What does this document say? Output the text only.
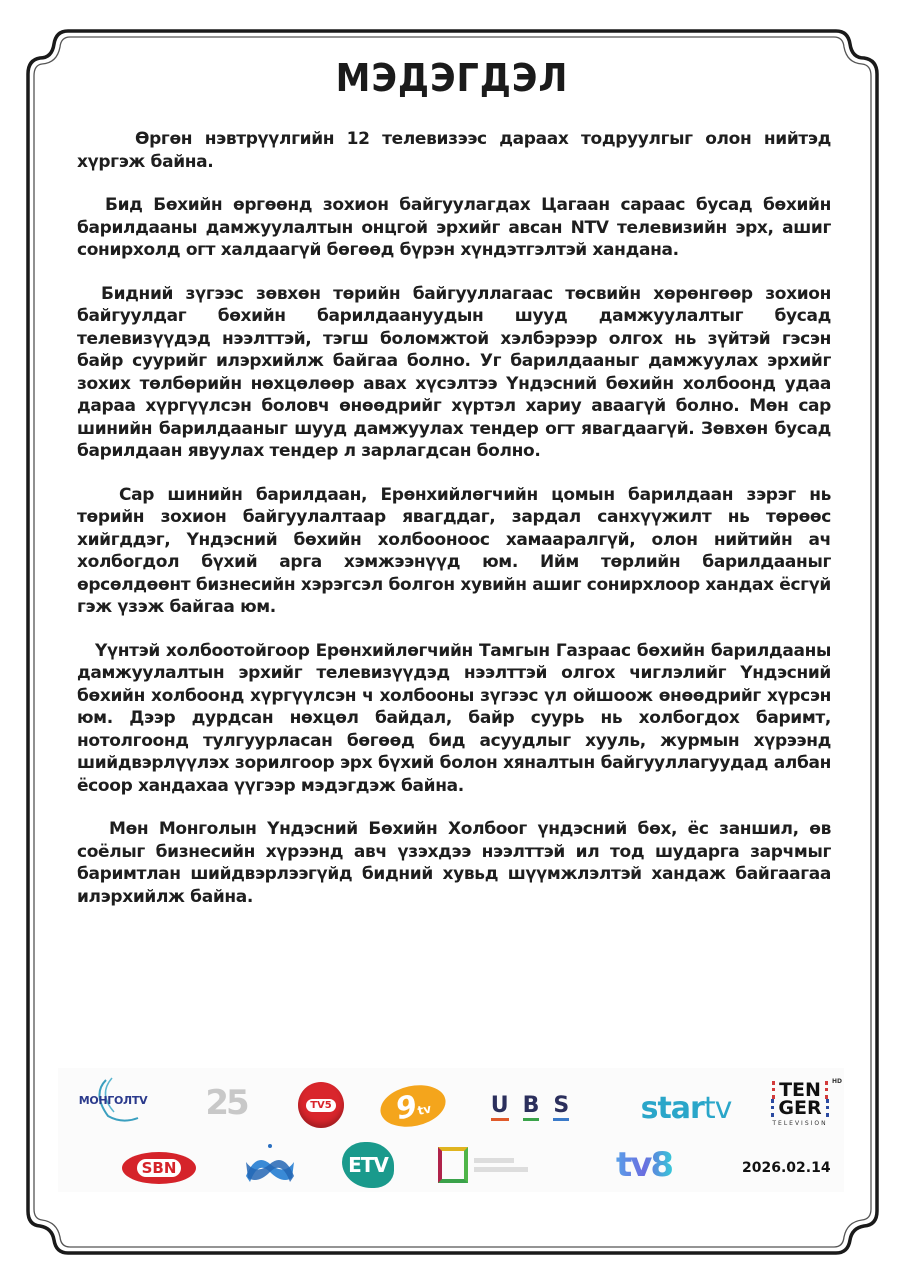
МЭДЭГДЭЛ

Өргөн нэвтрүүлгийн 12 телевизээс дараах тодруулгыг олон нийтэд хүргэж байна.

Бид Бөхийн өргөөнд зохион байгуулагдах Цагаан сараас бусад бөхийн барилдааны дамжуулалтын онцгой эрхийг авсан NTV телевизийн эрх, ашиг сонирхолд огт халдаагүй бөгөөд бүрэн хүндэтгэлтэй хандана.

Бидний зүгээс зөвхөн төрийн байгууллагаас төсвийн хөрөнгөөр зохион байгуулдаг бөхийн барилдаануудын шууд дамжуулалтыг бусад телевизүүдэд нээлттэй, тэгш боломжтой хэлбэрээр олгох нь зүйтэй гэсэн байр суурийг илэрхийлж байгаа болно. Уг барилдааныг дамжуулах эрхийг зохих төлбөрийн нөхцөлөөр авах хүсэлтээ Үндэсний бөхийн холбоонд удаа дараа хүргүүлсэн боловч өнөөдрийг хүртэл хариу аваагүй болно. Мөн сар шинийн барилдааныг шууд дамжуулах тендер огт явагдаагүй. Зөвхөн бусад барилдаан явуулах тендер л зарлагдсан болно.

Сар шинийн барилдаан, Ерөнхийлөгчийн цомын барилдаан зэрэг нь төрийн зохион байгуулалтаар явагддаг, зардал санхүүжилт нь төрөөс хийгддэг, Үндэсний бөхийн холбооноос хамааралгүй, олон нийтийн ач холбогдол бүхий арга хэмжээнүүд юм. Ийм төрлийн барилдааныг өрсөлдөөнт бизнесийн хэрэгсэл болгон хувийн ашиг сонирхлоор хандах ёсгүй гэж үзэж байгаа юм.

Үүнтэй холбоотойгоор Ерөнхийлөгчийн Тамгын Газраас бөхийн барилдааны дамжуулалтын эрхийг телевизүүдэд нээлттэй олгох чиглэлийг Үндэсний бөхийн холбоонд хүргүүлсэн ч холбооны зүгээс үл ойшоож өнөөдрийг хүрсэн юм. Дээр дурдсан нөхцөл байдал, байр суурь нь холбогдох баримт, нотолгоонд тулгуурласан бөгөөд бид асуудлыг хууль, журмын хүрээнд шийдвэрлүүлэх зорилгоор эрх бүхий болон хяналтын байгууллагуудад албан ёсоор хандахаа үүгээр мэдэгдэж байна.

Мөн Монголын Үндэсний Бөхийн Холбоог үндэсний бөх, ёс заншил, өв соёлыг бизнесийн хүрээнд авч үзэхдээ нээлттэй ил тод шударга зарчмыг баримтлан шийдвэрлээгүйд бидний хувьд шүүмжлэлтэй хандаж байгаагаа илэрхийлж байна.

МОНГОЛTV 25	TV5 9
tv	U B S star tv
HD
TEN
GER
TELEVISION
SBN	ETV	tv8	2026.02.14
